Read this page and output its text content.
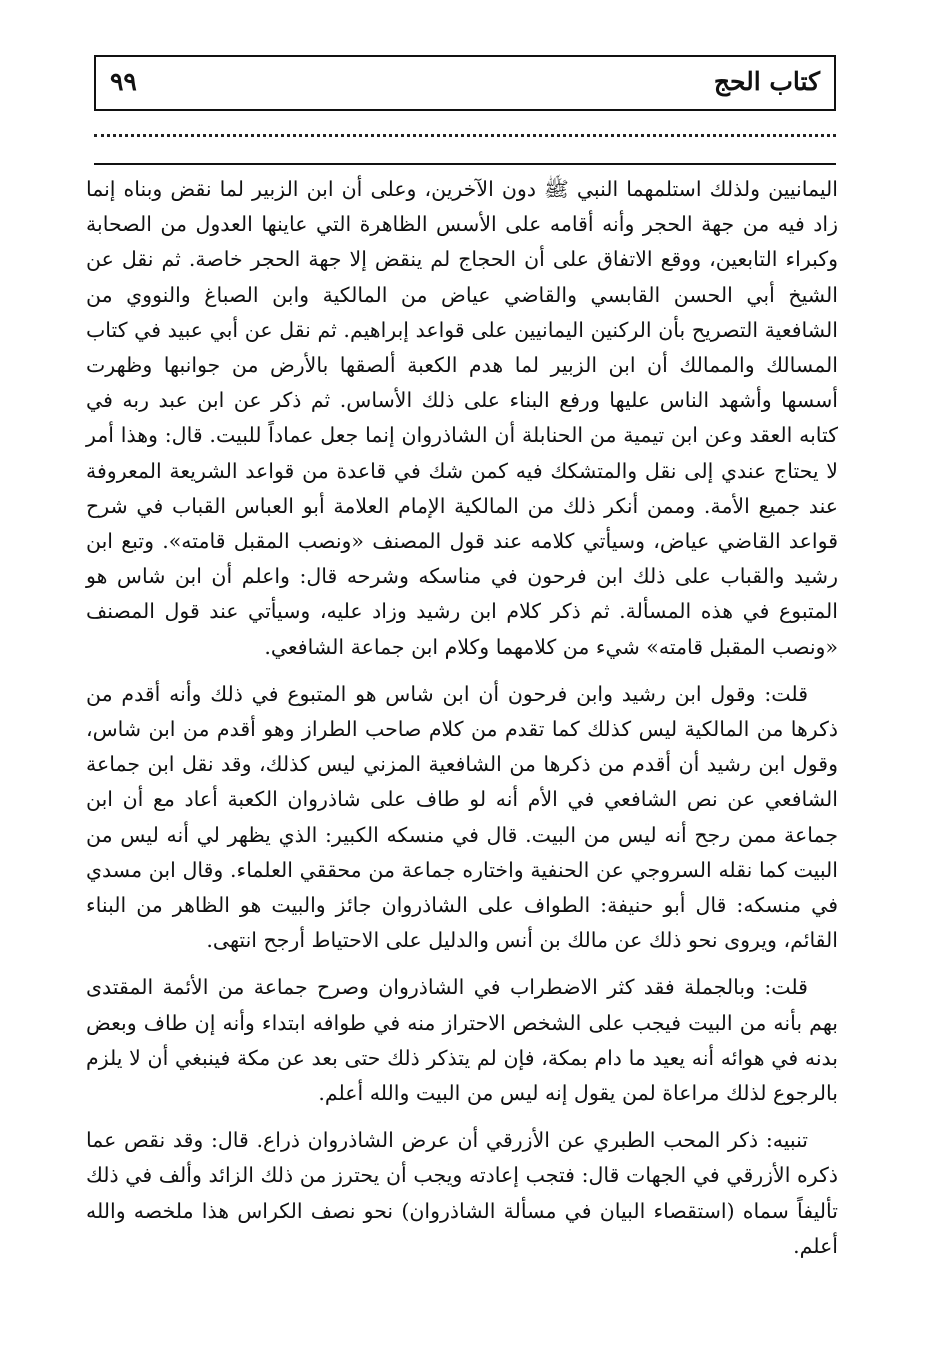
كتاب الحج
٩٩

اليمانيين ولذلك استلمهما النبي ﷺ دون الآخرين، وعلى أن ابن الزبير لما نقض وبناه إنما زاد فيه من جهة الحجر وأنه أقامه على الأسس الظاهرة التي عاينها العدول من الصحابة وكبراء التابعين، ووقع الاتفاق على أن الحجاج لم ينقض إلا جهة الحجر خاصة. ثم نقل عن الشيخ أبي الحسن القابسي والقاضي عياض من المالكية وابن الصباغ والنووي من الشافعية التصريح بأن الركنين اليمانيين على قواعد إبراهيم. ثم نقل عن أبي عبيد في كتاب المسالك والممالك أن ابن الزبير لما هدم الكعبة ألصقها بالأرض من جوانبها وظهرت أسسها وأشهد الناس عليها ورفع البناء على ذلك الأساس. ثم ذكر عن ابن عبد ربه في كتابه العقد وعن ابن تيمية من الحنابلة أن الشاذروان إنما جعل عماداً للبيت. قال: وهذا أمر لا يحتاج عندي إلى نقل والمتشكك فيه كمن شك في قاعدة من قواعد الشريعة المعروفة عند جميع الأمة. وممن أنكر ذلك من المالكية الإمام العلامة أبو العباس القباب في شرح قواعد القاضي عياض، وسيأتي كلامه عند قول المصنف «ونصب المقبل قامته». وتبع ابن رشيد والقباب على ذلك ابن فرحون في مناسكه وشرحه قال: واعلم أن ابن شاس هو المتبوع في هذه المسألة. ثم ذكر كلام ابن رشيد وزاد عليه، وسيأتي عند قول المصنف «ونصب المقبل قامته» شيء من كلامهما وكلام ابن جماعة الشافعي.

قلت: وقول ابن رشيد وابن فرحون أن ابن شاس هو المتبوع في ذلك وأنه أقدم من ذكرها من المالكية ليس كذلك كما تقدم من كلام صاحب الطراز وهو أقدم من ابن شاس، وقول ابن رشيد أن أقدم من ذكرها من الشافعية المزني ليس كذلك، وقد نقل ابن جماعة الشافعي عن نص الشافعي في الأم أنه لو طاف على شاذروان الكعبة أعاد مع أن ابن جماعة ممن رجح أنه ليس من البيت. قال في منسكه الكبير: الذي يظهر لي أنه ليس من البيت كما نقله السروجي عن الحنفية واختاره جماعة من محققي العلماء. وقال ابن مسدي في منسكه: قال أبو حنيفة: الطواف على الشاذروان جائز والبيت هو الظاهر من البناء القائم، ويروى نحو ذلك عن مالك بن أنس والدليل على الاحتياط أرجح انتهى.

قلت: وبالجملة فقد كثر الاضطراب في الشاذروان وصرح جماعة من الأئمة المقتدى بهم بأنه من البيت فيجب على الشخص الاحتراز منه في طوافه ابتداء وأنه إن طاف وبعض بدنه في هوائه أنه يعيد ما دام بمكة، فإن لم يتذكر ذلك حتى بعد عن مكة فينبغي أن لا يلزم بالرجوع لذلك مراعاة لمن يقول إنه ليس من البيت والله أعلم.

تنبيه: ذكر المحب الطبري عن الأزرقي أن عرض الشاذروان ذراع. قال: وقد نقص عما ذكره الأزرقي في الجهات قال: فتجب إعادته ويجب أن يحترز من ذلك الزائد وألف في ذلك تأليفاً سماه (استقصاء البيان في مسألة الشاذروان) نحو نصف الكراس هذا ملخصه والله أعلم.
